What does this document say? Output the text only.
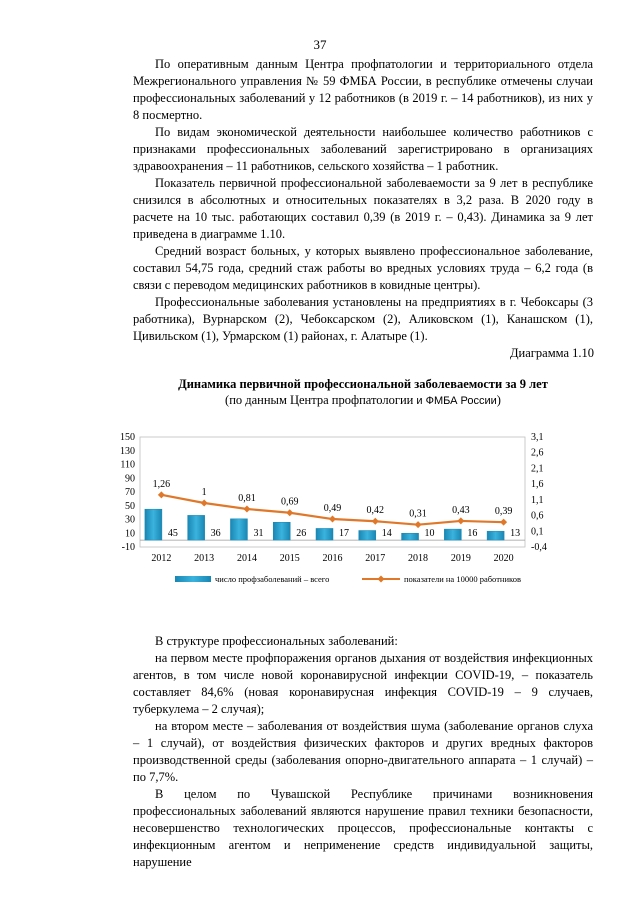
37

По оперативным данным Центра профпатологии и территориального отдела Межрегионального управления № 59 ФМБА России, в республике отмечены случаи профессиональных заболеваний у 12 работников (в 2019 г. – 14 работников), из них у 8 посмертно.

По видам экономической деятельности наибольшее количество работников с признаками профессиональных заболеваний зарегистрировано в организациях здравоохранения – 11 работников, сельского хозяйства – 1 работник.

Показатель первичной профессиональной заболеваемости за 9 лет в республике снизился в абсолютных и относительных показателях в 3,2 раза. В 2020 году в расчете на 10 тыс. работающих составил 0,39 (в 2019 г. – 0,43). Динамика за 9 лет приведена в диаграмме 1.10.

Средний возраст больных, у которых выявлено профессиональное заболевание, составил 54,75 года, средний стаж работы во вредных условиях труда – 6,2 года (в связи с переводом медицинских работников в ковидные центры).

Профессиональные заболевания установлены на предприятиях в г. Чебоксары (3 работника), Вурнарском (2), Чебоксарском (2), Аликовском (1), Канашском (1), Цивильском (1), Урмарском (1) районах, г. Алатыре (1).

Диаграмма 1.10
Динамика первичной профессиональной заболеваемости за 9 лет
(по данным Центра профпатологии и ФМБА России)
150
130
110
90
70
50
30
10
-10
3,1
2,6
2,1
1,6
1,1
0,6
0,1
-0,4
45	36	31	26	17	14	10	16	13
1,26
1
0,81	0,69
0,49	0,42	0,31	0,43	0,39
2012 2013 2014 2015 2016 2017 2018 2019 2020
число профзаболеваний – всего	показатели на 10000 работников

В структуре профессиональных заболеваний:

на первом месте профпоражения органов дыхания от воздействия инфекционных агентов, в том числе новой коронавирусной инфекции COVID-19, – показатель составляет 84,6% (новая коронавирусная инфекция COVID-19 – 9 случаев, туберкулема – 2 случая);

на втором месте – заболевания от воздействия шума (заболевание органов слуха – 1 случай), от воздействия физических факторов и других вредных факторов производственной среды (заболевания опорно-двигательного аппарата – 1 случай) – по 7,7%.

В целом по Чувашской Республике причинами возникновения профессиональных заболеваний являются нарушение правил техники безопасности, несовершенство технологических процессов, профессиональные контакты с инфекционным агентом и неприменение средств индивидуальной защиты, нарушение
